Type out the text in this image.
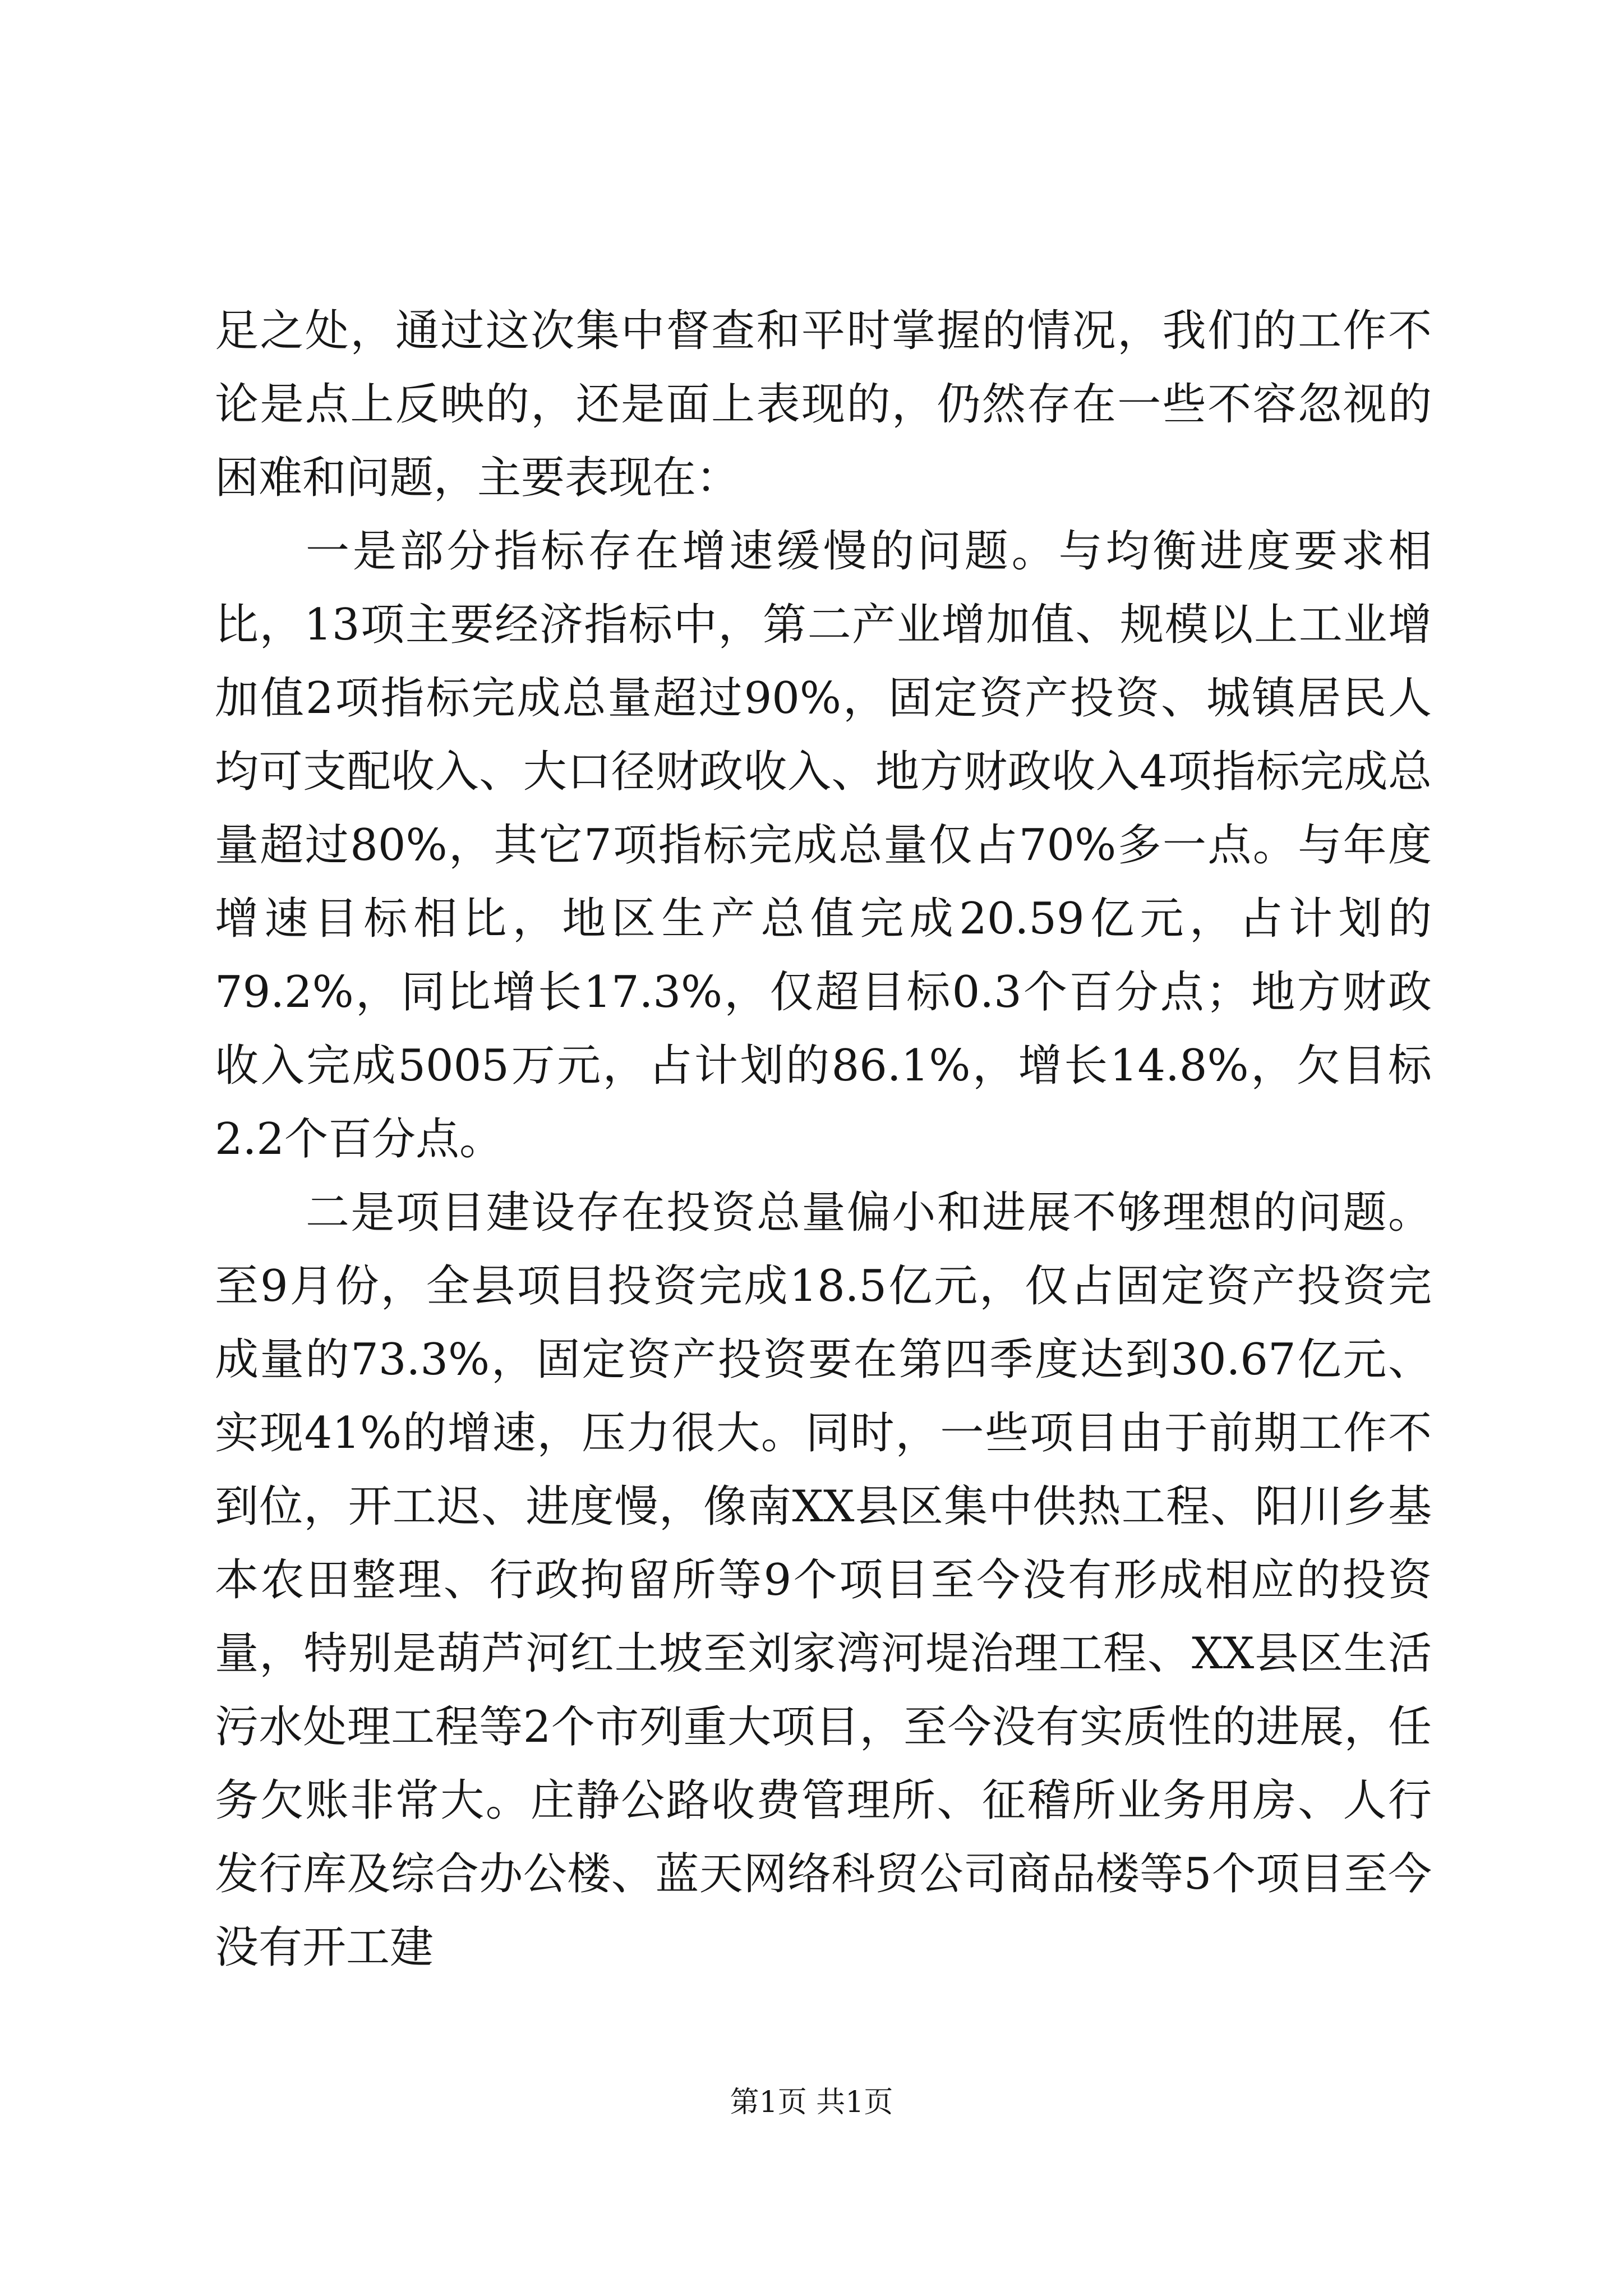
足之处，通过这次集中督查和平时掌握的情况，我们的工作不论是点上反映的，还是面上表现的，仍然存在一些不容忽视的困难和问题，主要表现在：

一是部分指标存在增速缓慢的问题。与均衡进度要求相比，13项主要经济指标中，第二产业增加值、规模以上工业增加值2项指标完成总量超过90%，固定资产投资、城镇居民人均可支配收入、大口径财政收入、地方财政收入4项指标完成总量超过80%，其它7项指标完成总量仅占70%多一点。与年度增速目标相比，地区生产总值完成20.59亿元，占计划的79.2%，同比增长17.3%，仅超目标0.3个百分点；地方财政收入完成5005万元，占计划的86.1%，增长14.8%，欠目标2.2个百分点。

二是项目建设存在投资总量偏小和进展不够理想的问题。至9月份，全县项目投资完成18.5亿元，仅占固定资产投资完成量的73.3%，固定资产投资要在第四季度达到30.67亿元、实现41%的增速，压力很大。同时，一些项目由于前期工作不到位，开工迟、进度慢，像南XX县区集中供热工程、阳川乡基本农田整理、行政拘留所等9个项目至今没有形成相应的投资量，特别是葫芦河红土坡至刘家湾河堤治理工程、XX县区生活污水处理工程等2个市列重大项目，至今没有实质性的进展，任务欠账非常大。庄静公路收费管理所、征稽所业务用房、人行发行库及综合办公楼、蓝天网络科贸公司商品楼等5个项目至今没有开工建

第1页 共1页
